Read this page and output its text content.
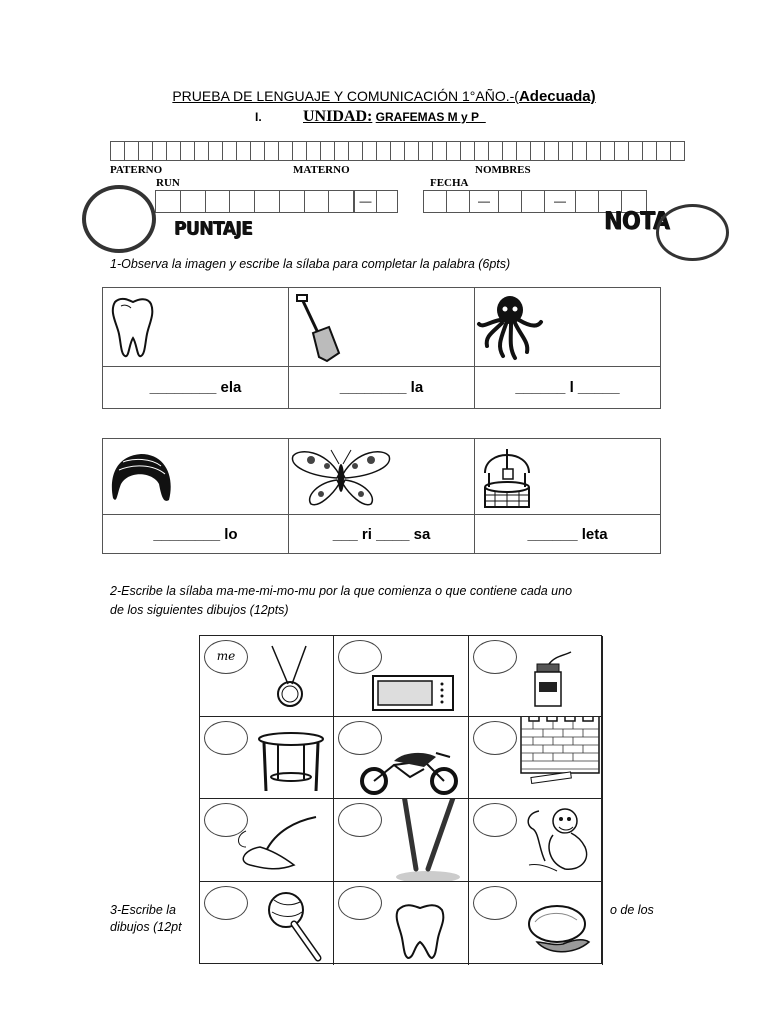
PRUEBA DE LENGUAJE Y COMUNICACIÓN 1°AÑO.-(Adecuada)
I.	UNIDAD: GRAFEMAS M y P_
PATERNO	MATERNO	NOMBRES
RUN	FECHA
—	—	—
PUNTAJE	NOTA
1-Observa la imagen y escribe la sílaba para completar la palabra (6pts)

________ ela	________ la	______ l _____

________ lo	___ ri ____ sa	______ leta
2-Escribe la sílaba ma-me-mi-mo-mu por la que comienza o que contiene cada uno
de los siguientes dibujos (12pts)
3-Escribe la	o de los
dibujos (12pt
me
